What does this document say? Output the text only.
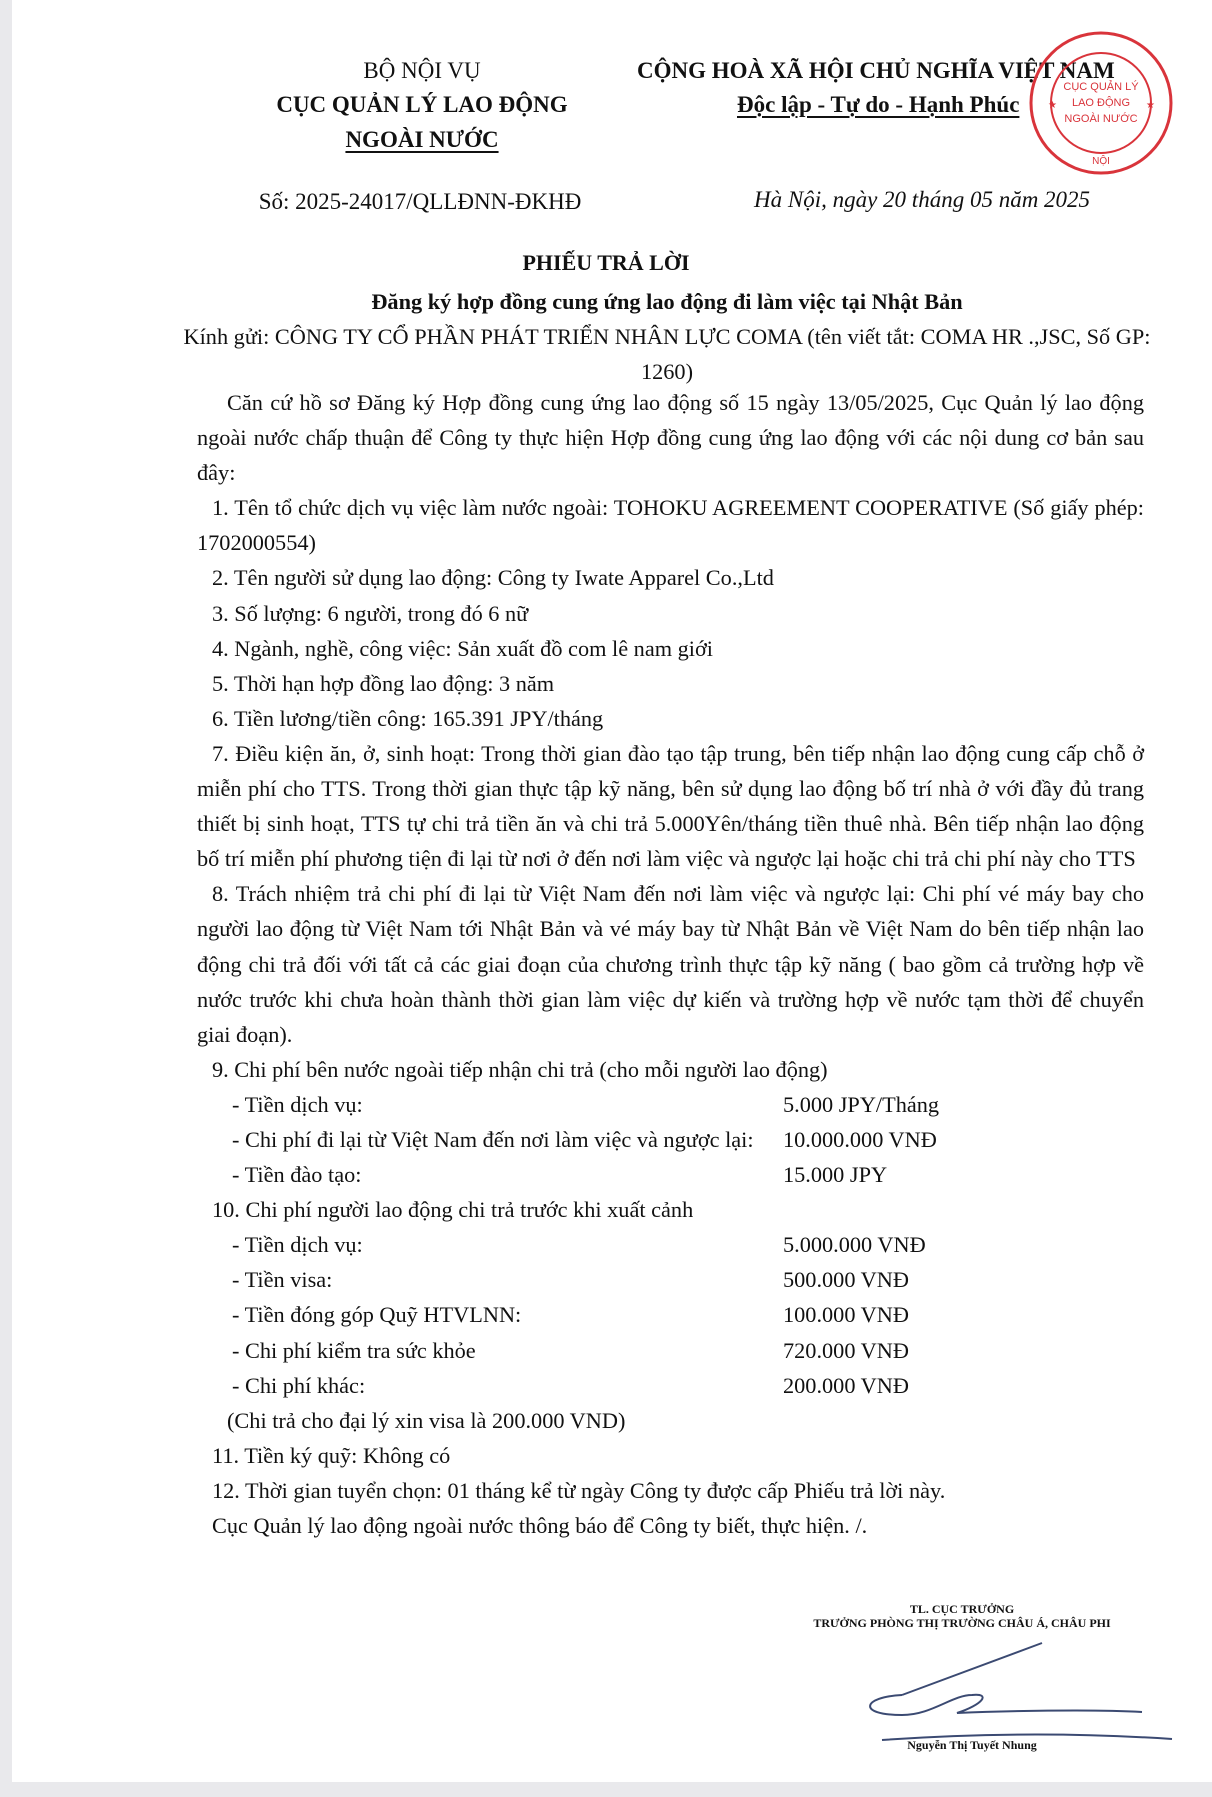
BỘ NỘI VỤ
CỤC QUẢN LÝ LAO ĐỘNG
NGOÀI NƯỚC
Số: 2025-24017/QLLĐNN-ĐKHĐ
CỘNG HOÀ XÃ HỘI CHỦ NGHĨA VIỆT NAM
Độc lập - Tự do - Hạnh Phúc
Hà Nội, ngày 20 tháng 05 năm 2025
CỤC QUẢN LÝ
LAO ĐỘNG
NGOÀI NƯỚC
★	★
NỘI
PHIẾU TRẢ LỜI

Đăng ký hợp đồng cung ứng lao động đi làm việc tại Nhật Bản

Kính gửi: CÔNG TY CỔ PHẦN PHÁT TRIỂN NHÂN LỰC COMA (tên viết tắt: COMA HR .,JSC, Số GP: 1260)

Căn cứ hồ sơ Đăng ký Hợp đồng cung ứng lao động số 15 ngày 13/05/2025, Cục Quản lý lao động ngoài nước chấp thuận để Công ty thực hiện Hợp đồng cung ứng lao động với các nội dung cơ bản sau đây:

1. Tên tổ chức dịch vụ việc làm nước ngoài: TOHOKU AGREEMENT COOPERATIVE (Số giấy phép: 1702000554)

2. Tên người sử dụng lao động: Công ty Iwate Apparel Co.,Ltd

3. Số lượng: 6 người, trong đó 6 nữ

4. Ngành, nghề, công việc: Sản xuất đồ com lê nam giới

5. Thời hạn hợp đồng lao động: 3 năm

6. Tiền lương/tiền công: 165.391 JPY/tháng

7. Điều kiện ăn, ở, sinh hoạt: Trong thời gian đào tạo tập trung, bên tiếp nhận lao động cung cấp chỗ ở miễn phí cho TTS. Trong thời gian thực tập kỹ năng, bên sử dụng lao động bố trí nhà ở với đầy đủ trang thiết bị sinh hoạt, TTS tự chi trả tiền ăn và chi trả 5.000Yên/tháng tiền thuê nhà. Bên tiếp nhận lao động bố trí miễn phí phương tiện đi lại từ nơi ở đến nơi làm việc và ngược lại hoặc chi trả chi phí này cho TTS

8. Trách nhiệm trả chi phí đi lại từ Việt Nam đến nơi làm việc và ngược lại: Chi phí vé máy bay cho người lao động từ Việt Nam tới Nhật Bản và vé máy bay từ Nhật Bản về Việt Nam do bên tiếp nhận lao động chi trả đối với tất cả các giai đoạn của chương trình thực tập kỹ năng ( bao gồm cả trường hợp về nước trước khi chưa hoàn thành thời gian làm việc dự kiến và trường hợp về nước tạm thời để chuyển giai đoạn).

9. Chi phí bên nước ngoài tiếp nhận chi trả (cho mỗi người lao động)

- Tiền dịch vụ:	5.000 JPY/Tháng
- Chi phí đi lại từ Việt Nam đến nơi làm việc và ngược lại:	10.000.000 VNĐ
- Tiền đào tạo:	15.000 JPY

10. Chi phí người lao động chi trả trước khi xuất cảnh

- Tiền dịch vụ:	5.000.000 VNĐ
- Tiền visa:	500.000 VNĐ
- Tiền đóng góp Quỹ HTVLNN:	100.000 VNĐ
- Chi phí kiểm tra sức khỏe	720.000 VNĐ
- Chi phí khác:	200.000 VNĐ

(Chi trả cho đại lý xin visa là 200.000 VND)

11. Tiền ký quỹ: Không có

12. Thời gian tuyển chọn: 01 tháng kể từ ngày Công ty được cấp Phiếu trả lời này.

Cục Quản lý lao động ngoài nước thông báo để Công ty biết, thực hiện. /.

TL. CỤC TRƯỞNG
TRƯỞNG PHÒNG THỊ TRƯỜNG CHÂU Á, CHÂU PHI
Nguyễn Thị Tuyết Nhung
